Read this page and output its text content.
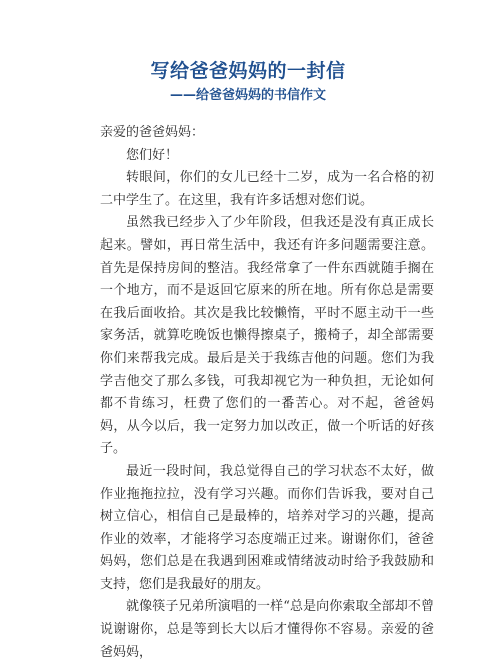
写给爸爸妈妈的一封信
——给爸爸妈妈的书信作文

亲爱的爸爸妈妈：

您们好！

转眼间，你们的女儿已经十二岁，成为一名合格的初二中学生了。在这里，我有许多话想对您们说。

虽然我已经步入了少年阶段，但我还是没有真正成长起来。譬如，再日常生活中，我还有许多问题需要注意。首先是保持房间的整洁。我经常拿了一件东西就随手搁在一个地方，而不是返回它原来的所在地。所有你总是需要在我后面收拾。其次是我比较懒惰，平时不愿主动干一些家务活，就算吃晚饭也懒得擦桌子，搬椅子，却全部需要你们来帮我完成。最后是关于我练吉他的问题。您们为我学吉他交了那么多钱，可我却视它为一种负担，无论如何都不肯练习，枉费了您们的一番苦心。对不起，爸爸妈妈，从今以后，我一定努力加以改正，做一个听话的好孩子。

最近一段时间，我总觉得自己的学习状态不太好，做作业拖拖拉拉，没有学习兴趣。而你们告诉我，要对自己树立信心，相信自己是最棒的，培养对学习的兴趣，提高作业的效率，才能将学习态度端正过来。谢谢你们，爸爸妈妈，您们总是在我遇到困难或情绪波动时给予我鼓励和支持，您们是我最好的朋友。

就像筷子兄弟所演唱的一样“总是向你索取全部却不曾说谢谢你，总是等到长大以后才懂得你不容易。亲爱的爸爸妈妈，
